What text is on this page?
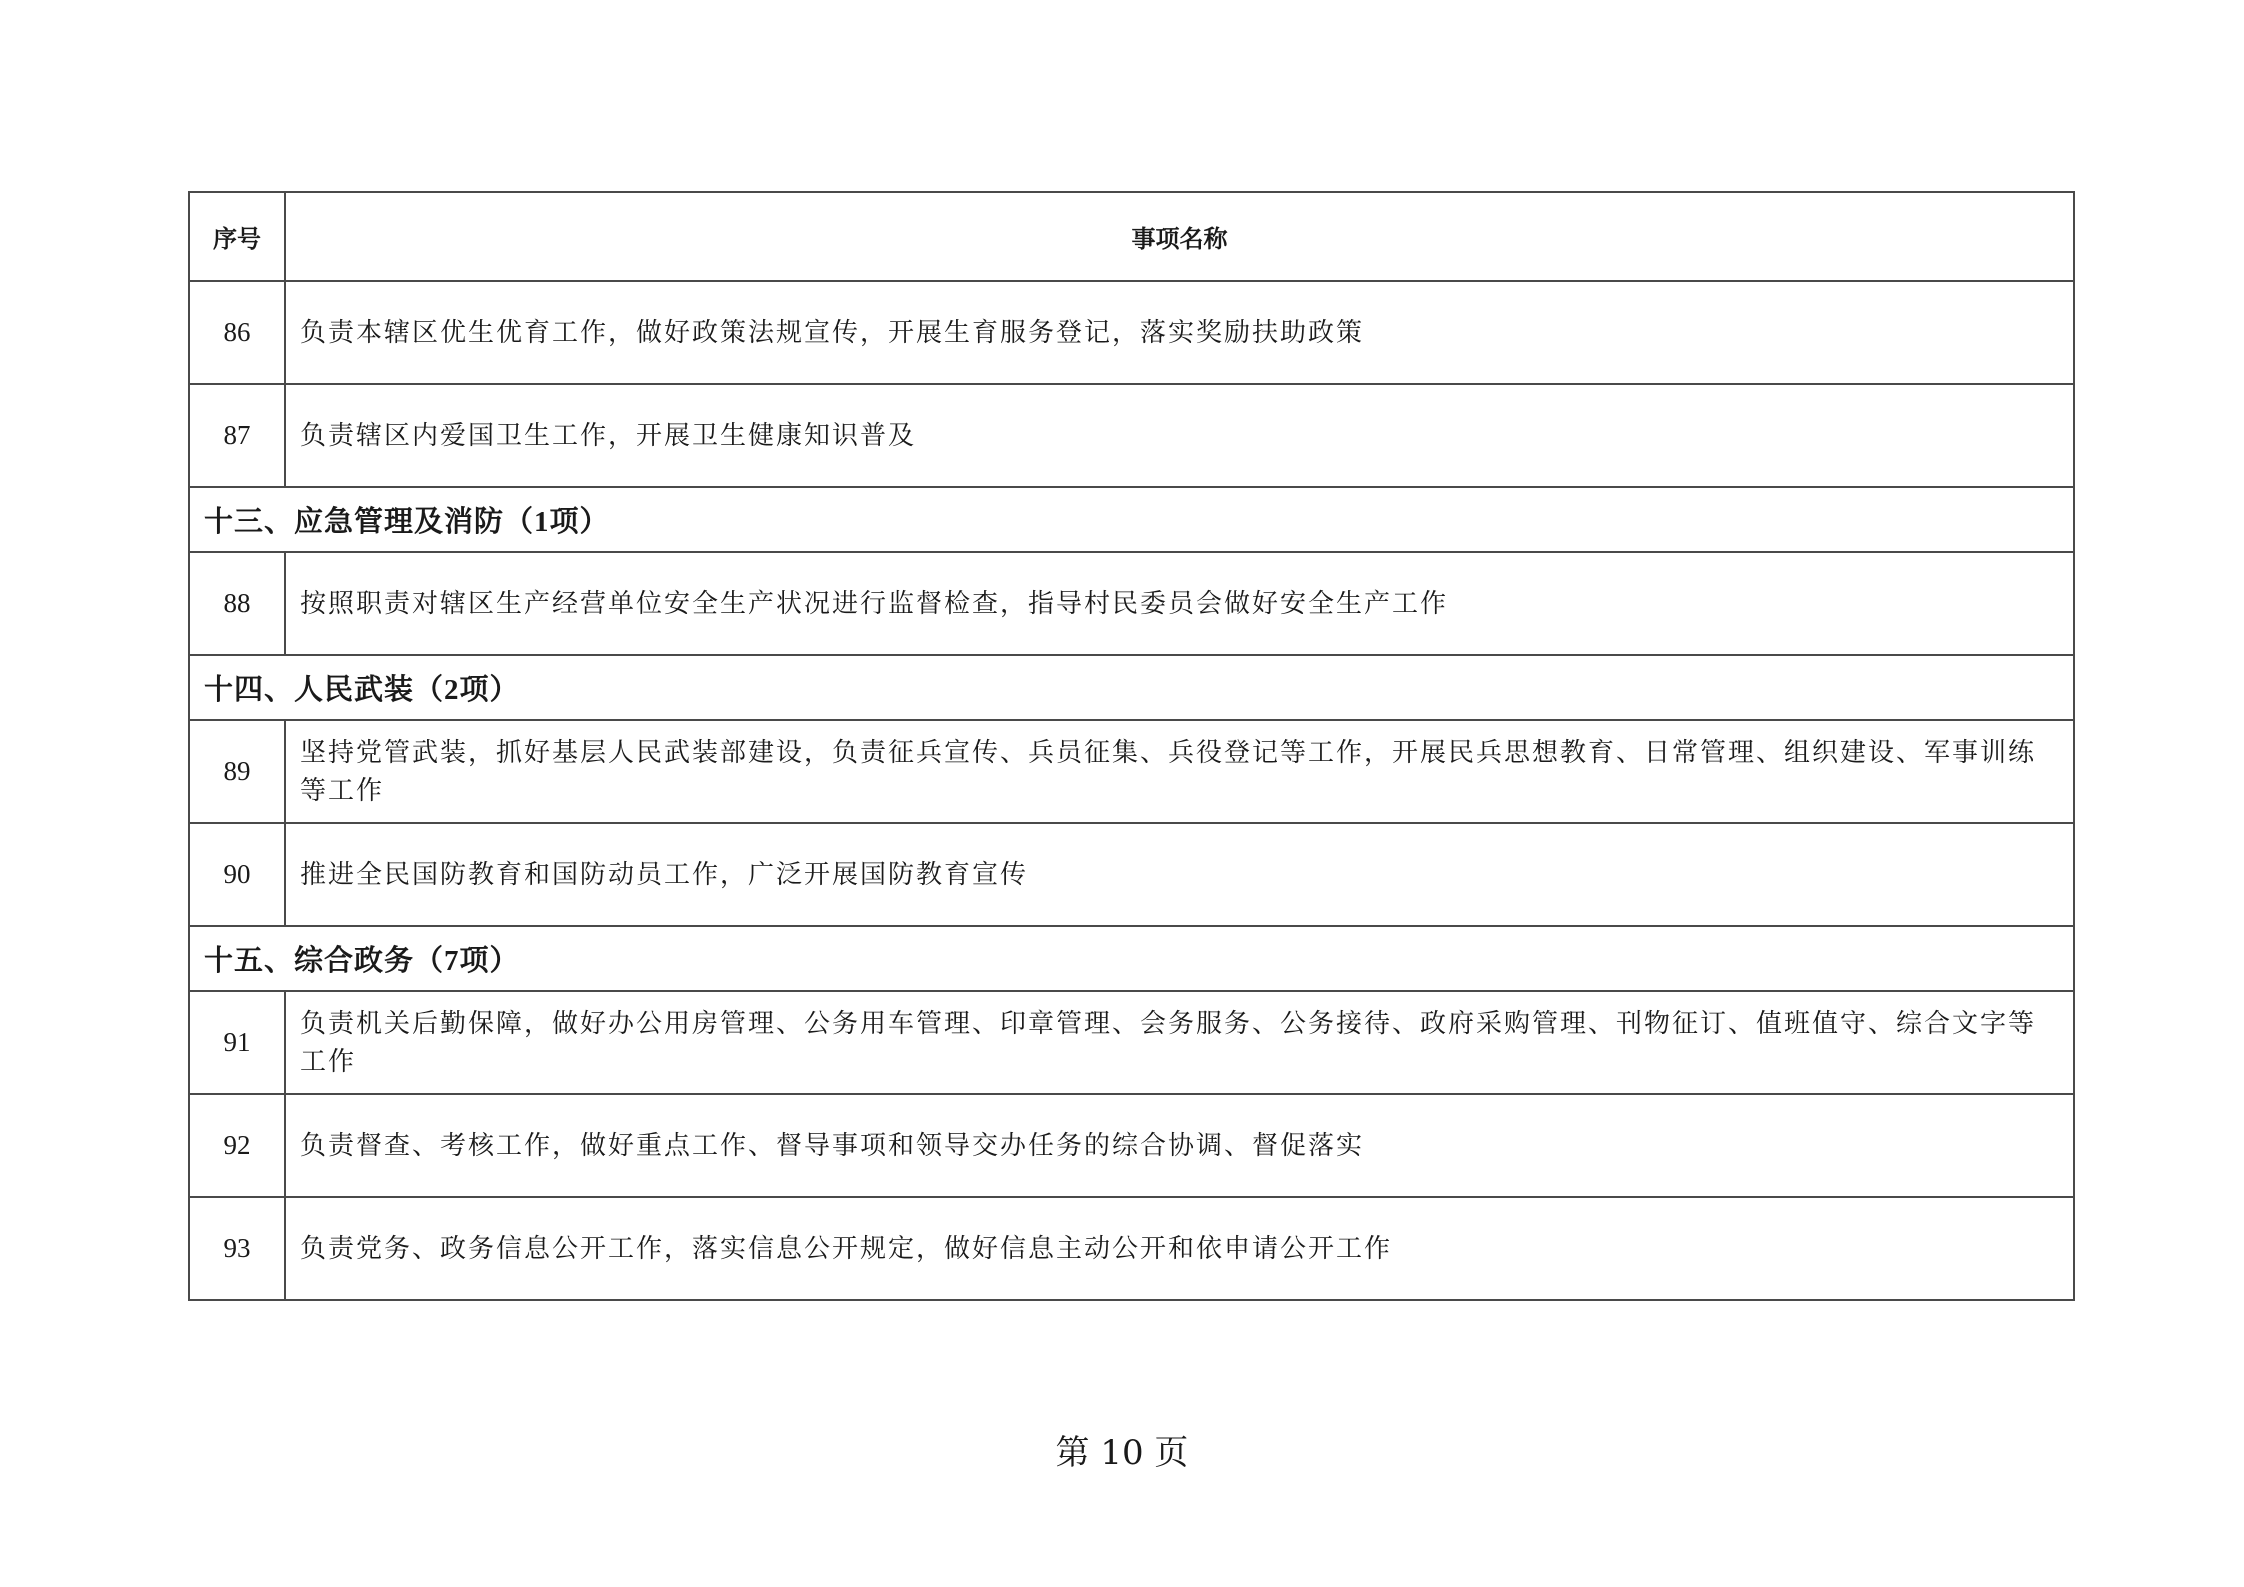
序号	事项名称
86	负责本辖区优生优育工作，做好政策法规宣传，开展生育服务登记，落实奖励扶助政策
87	负责辖区内爱国卫生工作，开展卫生健康知识普及
十三、应急管理及消防（1项）	
88	按照职责对辖区生产经营单位安全生产状况进行监督检查，指导村民委员会做好安全生产工作
十四、人民武装（2项）	
89	坚持党管武装，抓好基层人民武装部建设，负责征兵宣传、兵员征集、兵役登记等工作，开展民兵思想教育、日常管理、组织建设、军事训练等工作
90	推进全民国防教育和国防动员工作，广泛开展国防教育宣传
十五、综合政务（7项）	
91	负责机关后勤保障，做好办公用房管理、公务用车管理、印章管理、会务服务、公务接待、政府采购管理、刊物征订、值班值守、综合文字等工作
92	负责督查、考核工作，做好重点工作、督导事项和领导交办任务的综合协调、督促落实
93	负责党务、政务信息公开工作，落实信息公开规定，做好信息主动公开和依申请公开工作
第 10 页
